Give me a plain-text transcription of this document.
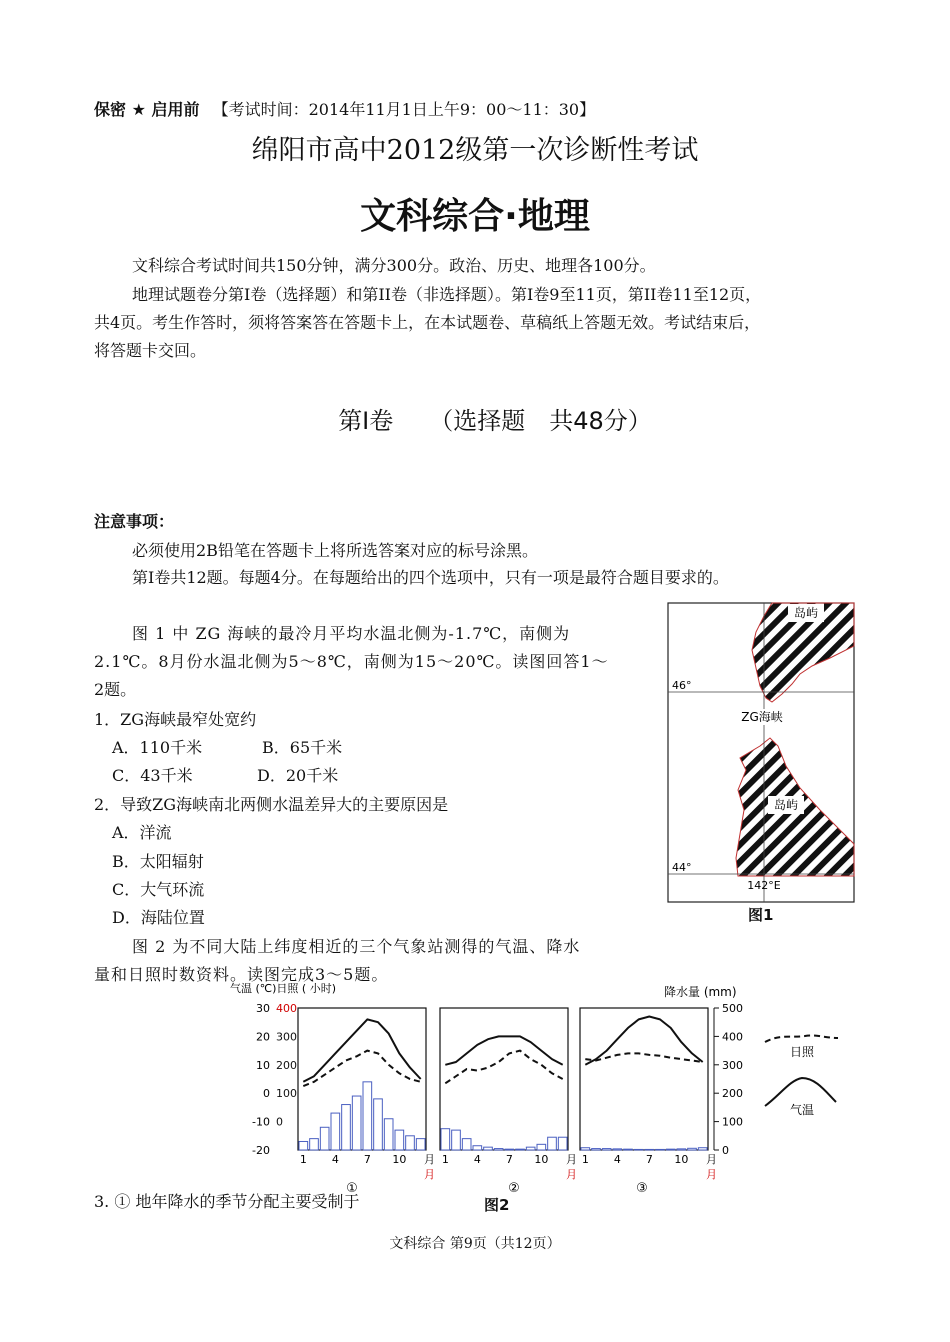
保密 ★ 启用前 【考试时间：2014年11月1日上午9：00～11：30】
绵阳市高中2012级第一次诊断性考试
文科综合·地理
文科综合考试时间共150分钟，满分300分。政治、历史、地理各100分。
地理试题卷分第I卷（选择题）和第II卷（非选择题）。第I卷9至11页，第II卷11至12页，
共4页。考生作答时，须将答案答在答题卡上，在本试题卷、草稿纸上答题无效。考试结束后，
将答题卡交回。
第Ⅰ卷　　（选择题　共48分）
注意事项：
必须使用2B铅笔在答题卡上将所选答案对应的标号涂黑。
第Ⅰ卷共12题。每题4分。在每题给出的四个选项中，只有一项是最符合题目要求的。
图 1 中 ZG 海峡的最冷月平均水温北侧为-1.7℃，南侧为
2.1℃。8月份水温北侧为5～8℃，南侧为15～20℃。读图回答1～
2题。
1．ZG海峡最窄处宽约
A．110千米	B．65千米
C．43千米	D．20千米
2．导致ZG海峡南北两侧水温差异大的主要原因是
A．洋流
B．太阳辐射
C．大气环流
D．海陆位置
图 2 为不同大陆上纬度相近的三个气象站测得的气温、降水
量和日照时数资料。读图完成3～5题。
岛屿
岛屿
46°
ZG海峡
44°
142°E
图1
气温 (℃)日照 ( 小时)	降水量 (mm)
30
20
10
0
-10
-20
400
300
200
100
0
500
400
300
200
100
0
1 4 7 10 月
月
①
1 4 7 10 月
月
②
1 4 7 10 月
月
③
日照
气温
图2
3. ① 地年降水的季节分配主要受制于
文科综合 第9页（共12页）
